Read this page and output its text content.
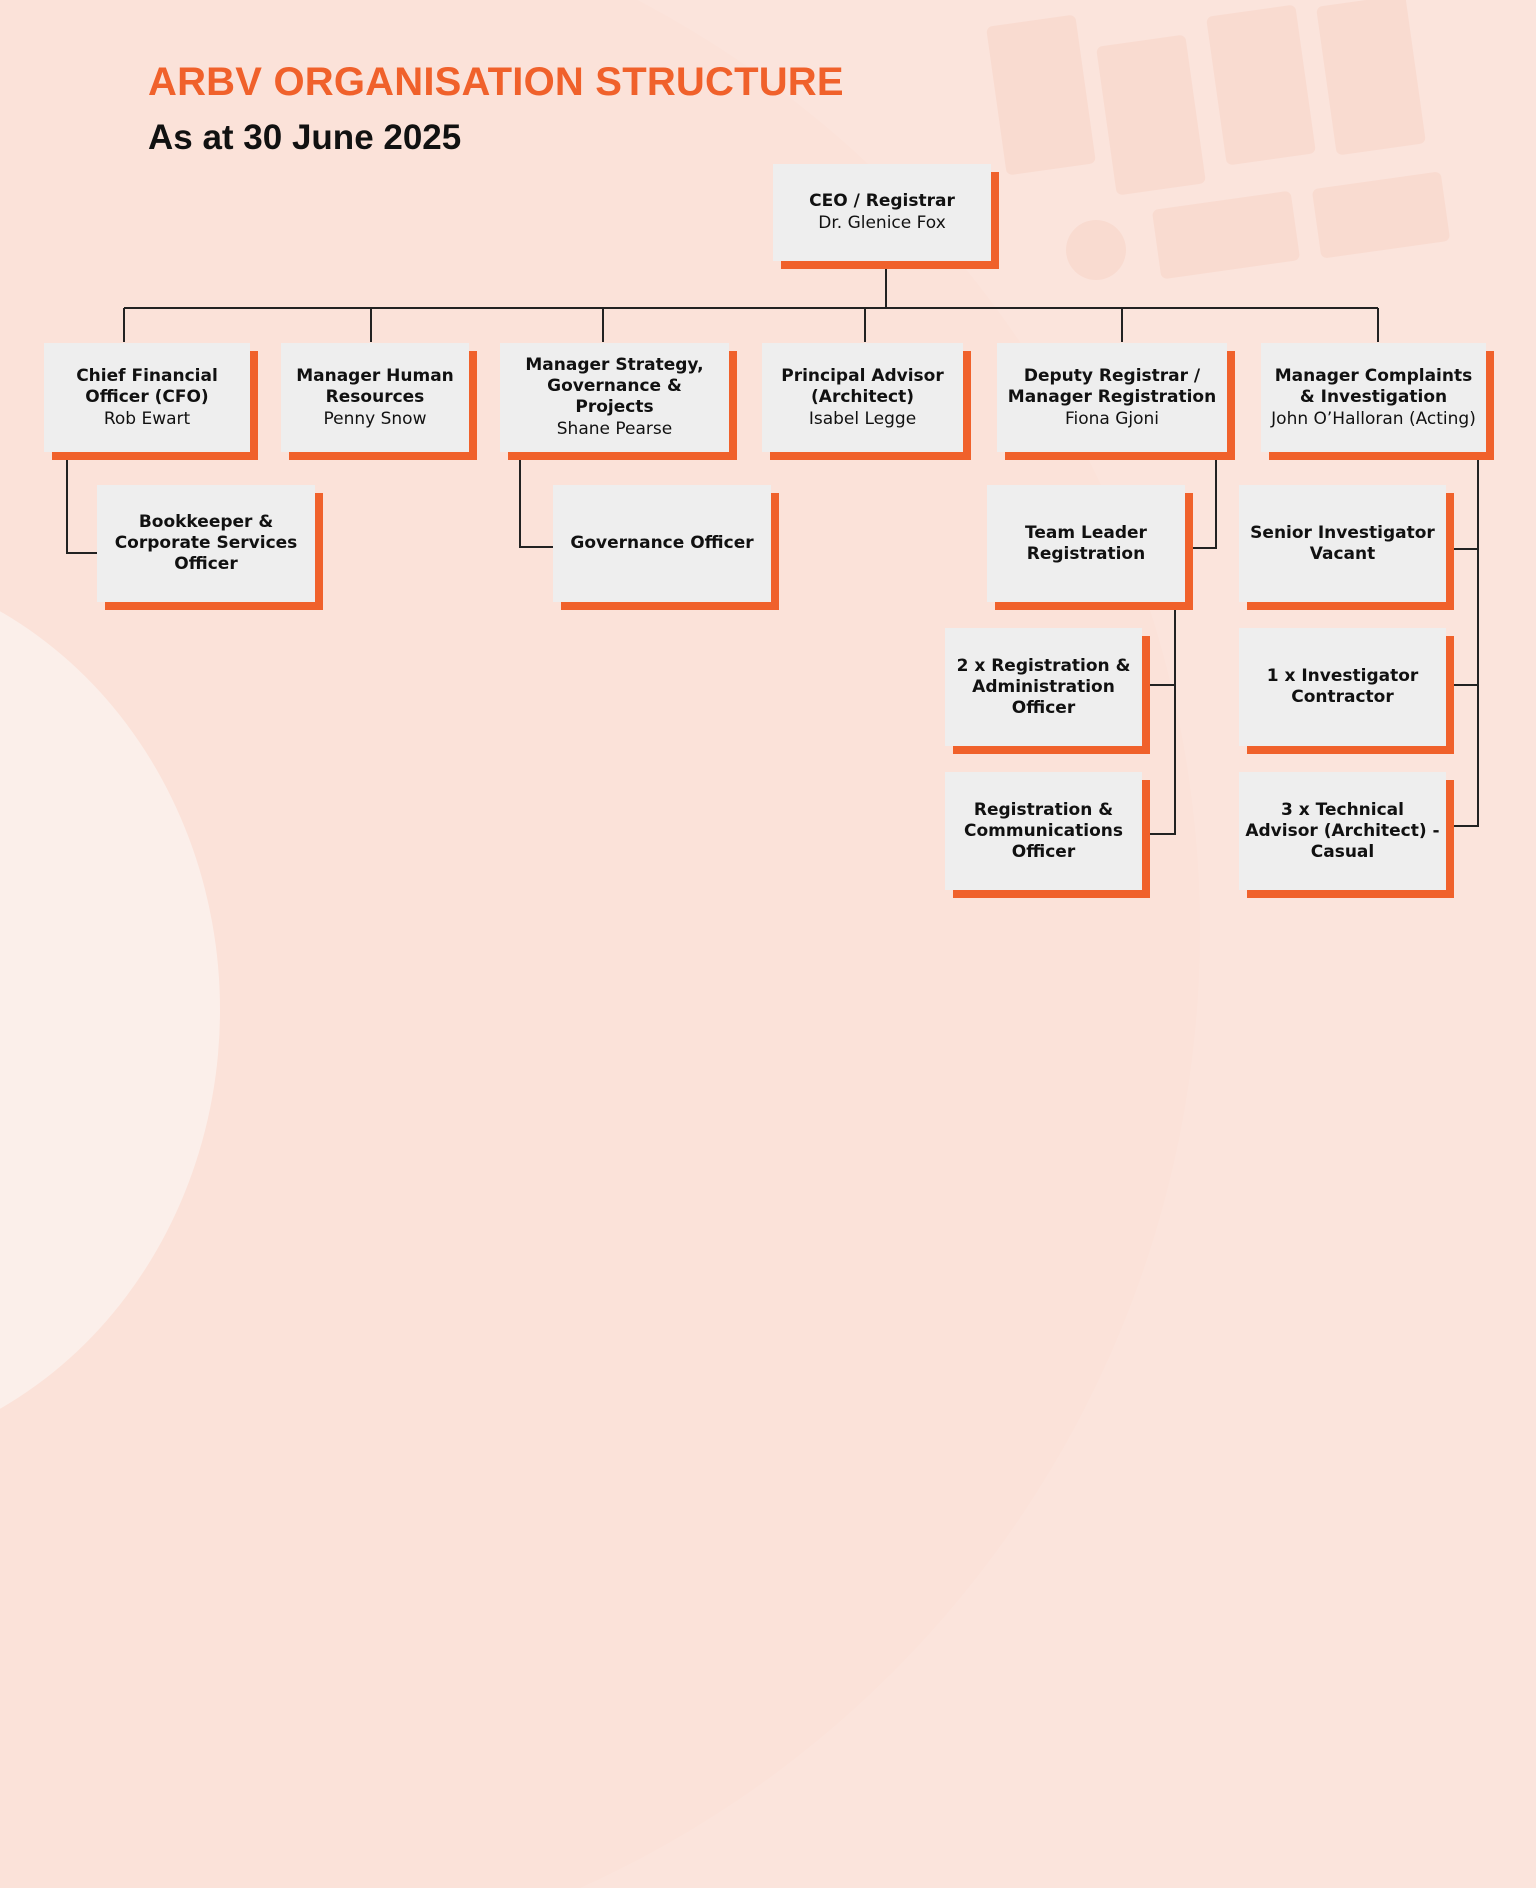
ARBV ORGANISATION STRUCTURE
As at 30 June 2025
CEO / Registrar
Dr. Glenice Fox
Chief Financial Officer (CFO)
Rob Ewart
Manager Human Resources
Penny Snow
Manager Strategy, Governance & Projects
Shane Pearse
Principal Advisor (Architect)
Isabel Legge
Deputy Registrar / Manager Registration
Fiona Gjoni
Manager Complaints & Investigation
John O’Halloran (Acting)
Bookkeeper & Corporate Services Officer
Governance Officer
Team Leader Registration
2 x Registration & Administration Officer
Registration & Communications Officer
Senior Investigator Vacant
1 x Investigator Contractor
3 x Technical Advisor (Architect) - Casual
